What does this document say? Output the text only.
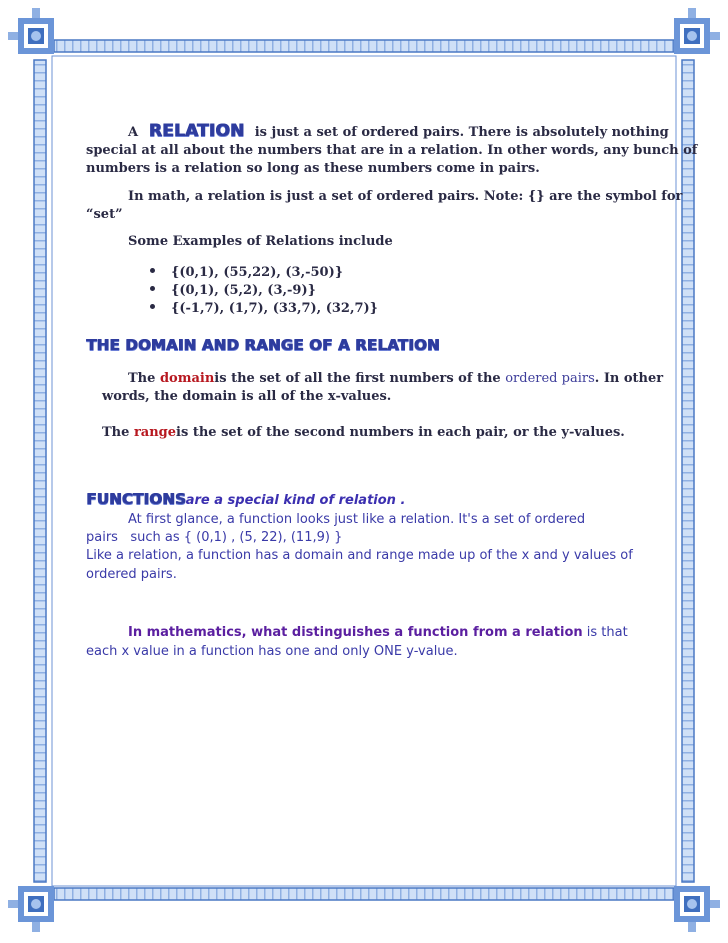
A RELATION is just a set of ordered pairs. There is absolutely nothing
special at all about the numbers that are in a relation. In other words, any bunch of
numbers is a relation so long as these numbers come in pairs.
In math, a relation is just a set of ordered pairs. Note: {} are the symbol for
“set”
Some Examples of Relations include
{(0,1), (55,22), (3,-50)}
{(0,1), (5,2), (3,-9)}
{(-1,7), (1,7), (33,7), (32,7)}
THE DOMAIN AND RANGE OF A RELATION
The domainis the set of all the first numbers of the ordered pairs. In other
words, the domain is all of the x-values.
The rangeis the set of the second numbers in each pair, or the y-values.
FUNCTIONSare a special kind of relation .
At first glance, a function looks just like a relation. It's a set of ordered
pairs   such as { (0,1) , (5, 22), (11,9) }
Like a relation, a function has a domain and range made up of the x and y values of
ordered pairs.
In mathematics, what distinguishes a function from a relation is that
each x value in a function has one and only ONE y-value.
